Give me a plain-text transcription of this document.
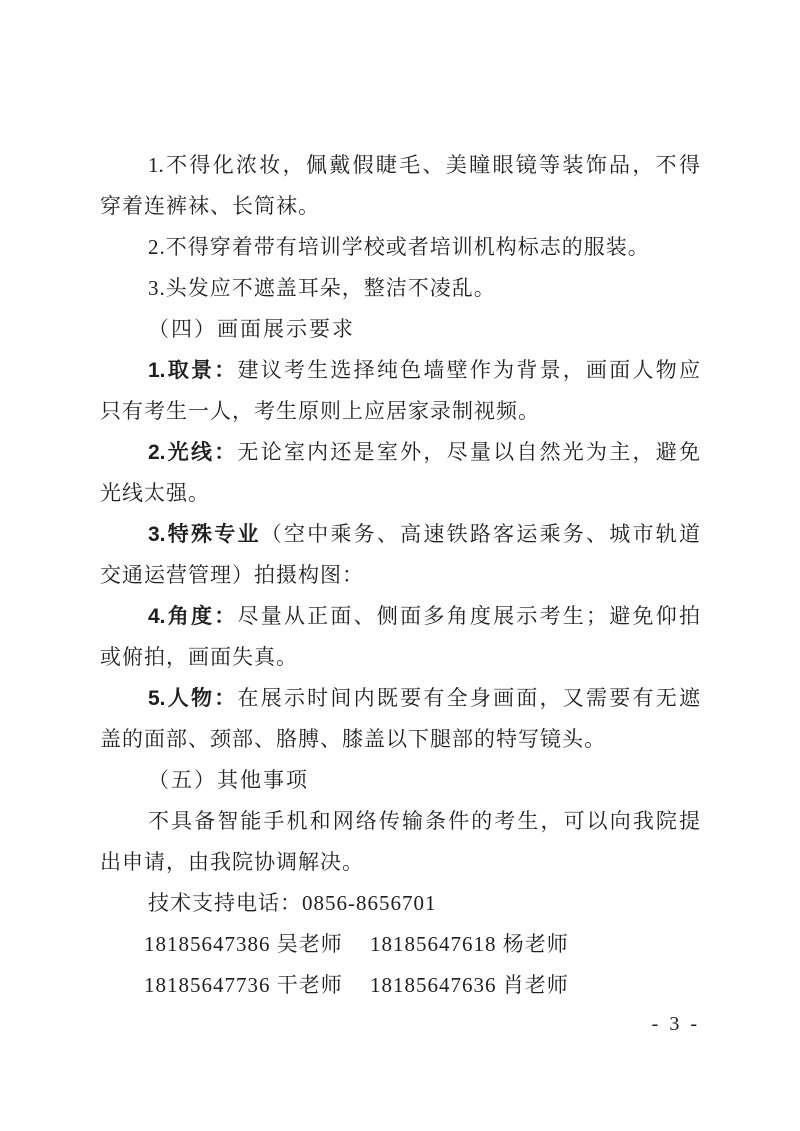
1.不得化浓妆，佩戴假睫毛、美瞳眼镜等装饰品，不得
穿着连裤袜、长筒袜。
2.不得穿着带有培训学校或者培训机构标志的服装。
3.头发应不遮盖耳朵，整洁不凌乱。
（四）画面展示要求
1.取景：建议考生选择纯色墙壁作为背景，画面人物应
只有考生一人，考生原则上应居家录制视频。
2.光线：无论室内还是室外，尽量以自然光为主，避免
光线太强。
3.特殊专业（空中乘务、高速铁路客运乘务、城市轨道
交通运营管理）拍摄构图：
4.角度：尽量从正面、侧面多角度展示考生；避免仰拍
或俯拍，画面失真。
5.人物：在展示时间内既要有全身画面，又需要有无遮
盖的面部、颈部、胳膊、膝盖以下腿部的特写镜头。
（五）其他事项
不具备智能手机和网络传输条件的考生，可以向我院提
出申请，由我院协调解决。
技术支持电话：0856-8656701
18185647386 吴老师 18185647618 杨老师
18185647736 干老师 18185647636 肖老师
- 3 -
